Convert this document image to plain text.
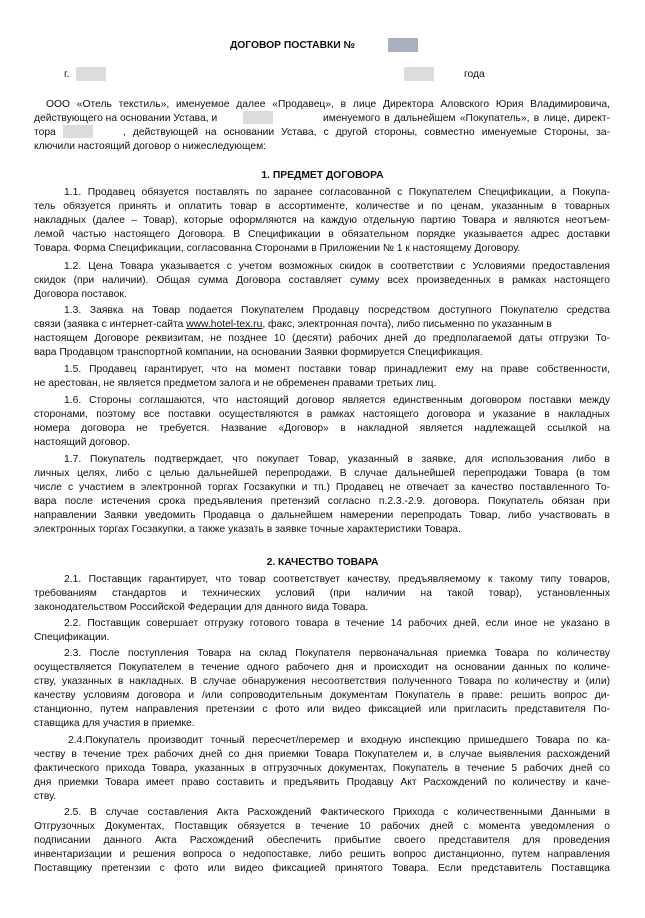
ДОГОВОР ПОСТАВКИ №
г.	года
ООО «Отель текстиль», именуемое далее «Продавец», в лице Директора Аловского Юрия Владимировича,
действующего на основании Устава, и	именуемого в дальнейшем «Покупатель», в лице, директ-
тора	, действующей на основании Устава, с другой стороны, совместно именуемые Стороны, за-
ключили настоящий договор о нижеследующем:
1. ПРЕДМЕТ ДОГОВОРА
1.1. Продавец обязуется поставлять по заранее согласованной с Покупателем Спецификации, а Покупа-
тель обязуется принять и оплатить товар в ассортименте, количестве и по ценам, указанным в товарных
накладных (далее – Товар), которые оформляются на каждую отдельную партию Товара и являются неотъем-
лемой частью настоящего Договора. В Спецификации в обязательном порядке указывается адрес доставки
Товара. Форма Спецификации, согласованна Сторонами в Приложении № 1 к настоящему Договору.
1.2. Цена Товара указывается с учетом возможных скидок в соответствии с Условиями предоставления
скидок (при наличии). Общая сумма Договора составляет сумму всех произведенных в рамках настоящего
Договора поставок.
1.3. Заявка на Товар подается Покупателем Продавцу посредством доступного Покупателю средства
связи (заявка с интернет-сайта www.hotel-tex.ru, факс, электронная почта), либо письменно по указанным в
настоящем Договоре реквизитам, не позднее 10 (десяти) рабочих дней до предполагаемой даты отгрузки То-
вара Продавцом транспортной компании, на основании Заявки формируется Спецификация.
1.5. Продавец гарантирует, что на момент поставки товар принадлежит ему на праве собственности,
не арестован, не является предметом залога и не обременен правами третьих лиц.
1.6. Стороны соглашаются, что настоящий договор является единственным договором поставки между
сторонами, поэтому все поставки осуществляются в рамках настоящего договора и указание в накладных
номера договора не требуется. Название «Договор» в накладной является надлежащей ссылкой на
настоящий договор.
1.7. Покупатель подтверждает, что покупает Товар, указанный в заявке, для использования либо в
личных целях, либо с целью дальнейшей перепродажи. В случае дальнейшей перепродажи Товара (в том
числе с участием в электронной торгах Госзакупки и тп.) Продавец не отвечает за качество поставленного То-
вара после истечения срока предъявления претензий согласно п.2.3.-2.9. договора. Покупатель обязан при
направлении Заявки уведомить Продавца о дальнейшем намерении перепродать Товар, либо участвовать в
электронных торгах Госзакупки, а также указать в заявке точные характеристики Товара.
2. КАЧЕСТВО ТОВАРА
2.1. Поставщик гарантирует, что товар соответствует качеству, предъявляемому к такому типу товаров,
требованиям стандартов и технических условий (при наличии на такой товар), установленных
законодательством Российской Федерации для данного вида Товара.
2.2. Поставщик совершает отгрузку готового товара в течение 14 рабочих дней, если иное не указано в
Спецификации.
2.3. После поступления Товара на склад Покупателя первоначальная приемка Товара по количеству
осуществляется Покупателем в течение одного рабочего дня и происходит на основании данных по количе-
ству, указанных в накладных. В случае обнаружения несоответствия полученного Товара по количеству и (или)
качеству условиям договора и /или сопроводительным документам Покупатель в праве: решить вопрос ди-
станционно, путем направления претензии с фото или видео фиксацией или пригласить представителя По-
ставщика для участия в приемке.
2.4.Покупатель производит точный пересчет/перемер и входную инспекцию пришедшего Товара по ка-
честву в течение трех рабочих дней со дня приемки Товара Покупателем и, в случае выявления расхождений
фактического прихода Товара, указанных в отгрузочных документах, Покупатель в течение 5 рабочих дней со
дня приемки Товара имеет право составить и предъявить Продавцу Акт Расхождений по количеству и каче-
ству.
2.5. В случае составления Акта Расхождений Фактического Прихода с количественными Данными в
Отгрузочных Документах, Поставщик обязуется в течение 10 рабочих дней с момента уведомления о
подписании данного Акта Расхождений обеспечить прибытие своего представителя для проведения
инвентаризации и решения вопроса о недопоставке, либо решить вопрос дистанционно, путем направления
Поставщику претензии с фото или видео фиксацией принятого Товара. Если представитель Поставщика
